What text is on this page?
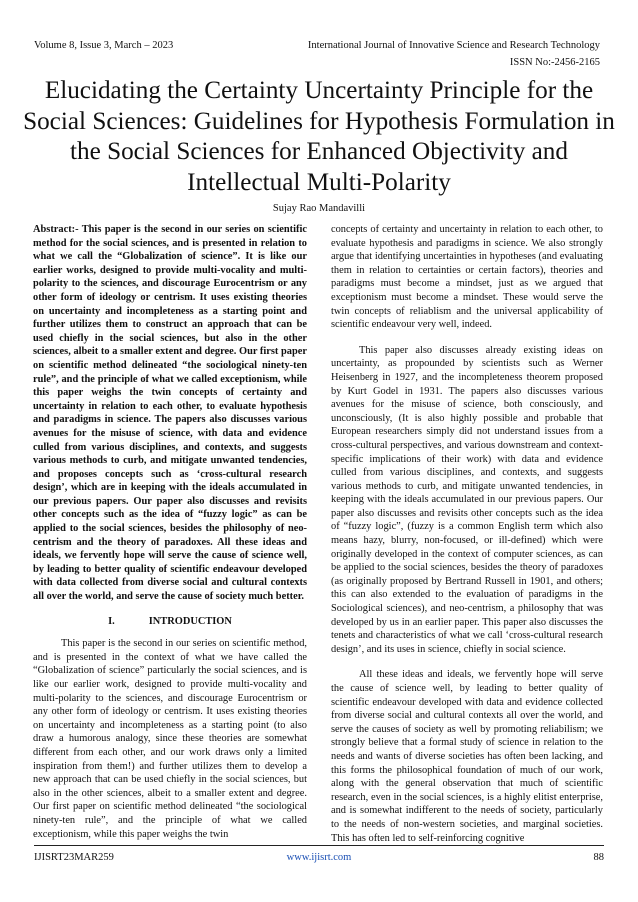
Volume 8, Issue 3, March – 2023	International Journal of Innovative Science and Research Technology
ISSN No:-2456-2165
Elucidating the Certainty Uncertainty Principle for the Social Sciences: Guidelines for Hypothesis Formulation in the Social Sciences for Enhanced Objectivity and Intellectual Multi-Polarity
Sujay Rao Mandavilli

Abstract:- This paper is the second in our series on scientific method for the social sciences, and is presented in relation to what we call the “Globalization of science”. It is like our earlier works, designed to provide multi-vocality and multi-polarity to the sciences, and discourage Eurocentrism or any other form of ideology or centrism. It uses existing theories on uncertainty and incompleteness as a starting point and further utilizes them to construct an approach that can be used chiefly in the social sciences, but also in the other sciences, albeit to a smaller extent and degree. Our first paper on scientific method delineated “the sociological ninety-ten rule”, and the principle of what we called exceptionism, while this paper weighs the twin concepts of certainty and uncertainty in relation to each other, to evaluate hypothesis and paradigms in science. The papers also discusses various avenues for the misuse of science, with data and evidence culled from various disciplines, and contexts, and suggests various methods to curb, and mitigate unwanted tendencies, and proposes concepts such as ‘cross-cultural research design’, which are in keeping with the ideals accumulated in our previous papers. Our paper also discusses and revisits other concepts such as the idea of “fuzzy logic” as can be applied to the social sciences, besides the philosophy of neo-centrism and the theory of paradoxes. All these ideas and ideals, we fervently hope will serve the cause of science well, by leading to better quality of scientific endeavour developed with data collected from diverse social and cultural contexts all over the world, and serve the cause of society much better.

I.	INTRODUCTION

This paper is the second in our series on scientific method, and is presented in the context of what we have called the “Globalization of science” particularly the social sciences, and is like our earlier work, designed to provide multi-vocality and multi-polarity to the sciences, and discourage Eurocentrism or any other form of ideology or centrism. It uses existing theories on uncertainty and incompleteness as a starting point (to also draw a humorous analogy, since these theories are somewhat different from each other, and our work draws only a limited inspiration from them!) and further utilizes them to develop a new approach that can be used chiefly in the social sciences, but also in the other sciences, albeit to a smaller extent and degree. Our first paper on scientific method delineated “the sociological ninety-ten rule”, and the principle of what we called exceptionism, while this paper weighs the twin

concepts of certainty and uncertainty in relation to each other, to evaluate hypothesis and paradigms in science. We also strongly argue that identifying uncertainties in hypotheses (and evaluating them in relation to certainties or certain factors), theories and paradigms must become a mindset, just as we argued that exceptionism must become a mindset. These would serve the twin concepts of reliablism and the universal applicability of scientific endeavour very well, indeed.

This paper also discusses already existing ideas on uncertainty, as propounded by scientists such as Werner Heisenberg in 1927, and the incompleteness theorem proposed by Kurt Godel in 1931. The papers also discusses various avenues for the misuse of science, both consciously, and unconsciously, (It is also highly possible and probable that European researchers simply did not understand issues from a cross-cultural perspectives, and various downstream and context-specific implications of their work) with data and evidence culled from various disciplines, and contexts, and suggests various methods to curb, and mitigate unwanted tendencies, in keeping with the ideals accumulated in our previous papers. Our paper also discusses and revisits other concepts such as the idea of “fuzzy logic”, (fuzzy is a common English term which also means hazy, blurry, non-focused, or ill-defined) which were originally developed in the context of computer sciences, as can be applied to the social sciences, besides the theory of paradoxes (as originally proposed by Bertrand Russell in 1901, and others; this can also extended to the evaluation of paradigms in the Sociological sciences), and neo-centrism, a philosophy that was developed by us in an earlier paper. This paper also discusses the tenets and characteristics of what we call ‘cross-cultural research design’, and its uses in science, chiefly in social science.

All these ideas and ideals, we fervently hope will serve the cause of science well, by leading to better quality of scientific endeavour developed with data and evidence collected from diverse social and cultural contexts all over the world, and serve the causes of society as well by promoting reliabilism; we strongly believe that a formal study of science in relation to the needs and wants of diverse societies has often been lacking, and this forms the philosophical foundation of much of our work, along with the general observation that much of scientific research, even in the social sciences, is a highly elitist enterprise, and is somewhat indifferent to the needs of society, particularly to the needs of non-western societies, and marginal societies. This has often led to self-reinforcing cognitive

IJISRT23MAR259	www.ijisrt.com	88
